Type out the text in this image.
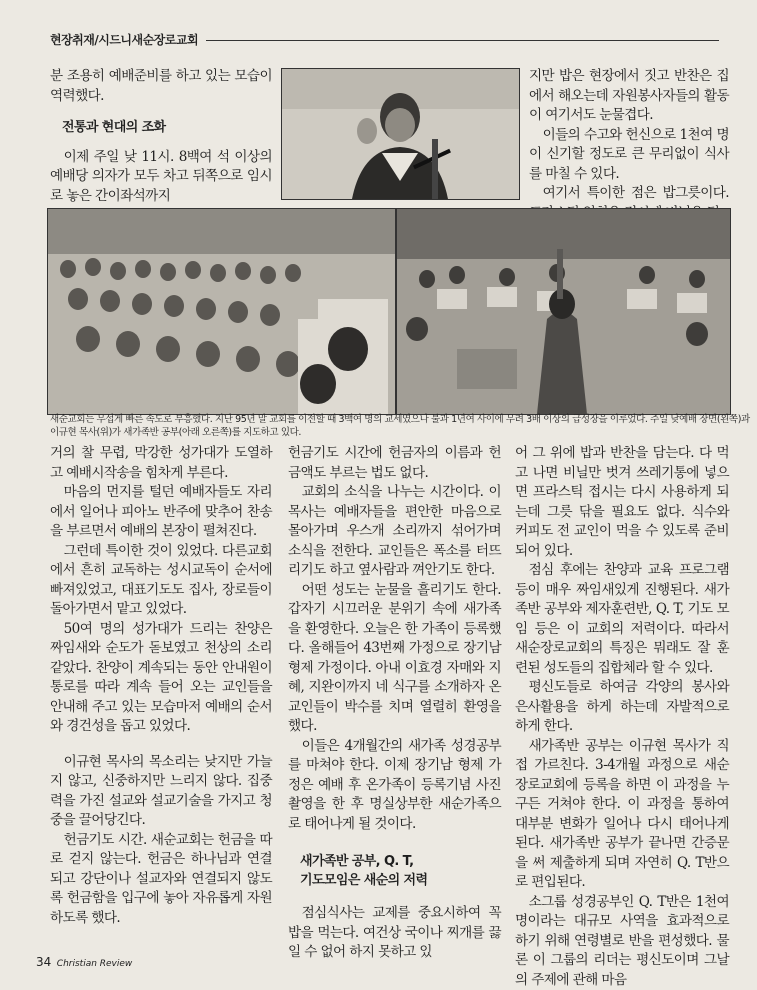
현장취재/시드니새순장로교회

분 조용히 예배준비를 하고 있는 모습이 역력했다.

전통과 현대의 조화

이제 주일 낮 11시. 8백여 석 이상의 예배당 의자가 모두 차고 뒤쪽으로 임시로 놓은 간이좌석까지

지만 밥은 현장에서 짓고 반찬은 집에서 해오는데 자원봉사자들의 활동이 여기서도 눈물겹다.

이들의 수고와 헌신으로 1천여 명이 신기할 정도로 큰 무리없이 식사를 마칠 수 있다.

여기서 특이한 점은 밥그릇이다.

새순교회는 무섭게 빠른 속도로 부흥했다. 지난 95년 말 교회를 이전할 때 3백여 명의 교세였으나 불과 1년여 사이에 무려 3배 이상의 급성장을 이루었다. 주일 낮예배 장면(왼쪽)과 이규현 목사(위)가 새가족반 공부(아래 오른쪽)를 지도하고 있다.

거의 찰 무렵, 막강한 성가대가 도열하고 예배시작송을 힘차게 부른다.

마음의 먼지를 털던 예배자들도 자리에서 일어나 피아노 반주에 맞추어 찬송을 부르면서 예배의 본장이 펼쳐진다.

그런데 특이한 것이 있었다. 다른교회에서 흔히 교독하는 성시교독이 순서에 빠져있었고, 대표기도도 집사, 장로들이 돌아가면서 맡고 있었다.

50여 명의 성가대가 드리는 찬양은 짜임새와 순도가 돋보였고 천상의 소리같았다. 찬양이 계속되는 동안 안내원이 통로를 따라 계속 들어 오는 교인들을 안내해 주고 있는 모습마저 예배의 순서와 경건성을 돕고 있었다.

이규현 목사의 목소리는 낮지만 가늘지 않고, 신중하지만 느리지 않다. 집중력을 가진 설교와 설교기술을 가지고 청중을 끌어당긴다.

헌금기도 시간. 새순교회는 헌금을 따로 걷지 않는다. 헌금은 하나님과 연결되고 강단이나 설교자와 연결되지 않도록 헌금함을 입구에 놓아 자유롭게 자원하도록 했다.

헌금기도 시간에 헌금자의 이름과 헌금액도 부르는 법도 없다.

교회의 소식을 나누는 시간이다. 이 목사는 예배자들을 편안한 마음으로 몰아가며 우스개 소리까지 섞어가며 소식을 전한다. 교인들은 폭소를 터뜨리기도 하고 옆사람과 껴안기도 한다.

어떤 성도는 눈물을 흘리기도 한다. 갑자기 시끄러운 분위기 속에 새가족을 환영한다. 오늘은 한 가족이 등록했다. 올해들어 43번째 가정으로 장기남 형제 가정이다. 아내 이효경 자매와 지혜, 지완이까지 네 식구를 소개하자 온 교인들이 박수를 치며 열렬히 환영을 했다.

이들은 4개월간의 새가족 성경공부를 마쳐야 한다. 이제 장기남 형제 가정은 예배 후 온가족이 등록기념 사진촬영을 한 후 명실상부한 새순가족으로 태어나게 될 것이다.

새가족반 공부, Q. T,
기도모임은 새순의 저력

점심식사는 교제를 중요시하여 꼭 밥을 먹는다. 여건상 국이나 찌개를 끓일 수 없어 하지 못하고 있

어 그 위에 밥과 반찬을 담는다. 다 먹고 나면 비닐만 벗겨 쓰레기통에 넣으면 프라스틱 접시는 다시 사용하게 되는데 그릇 닦을 필요도 없다. 식수와 커피도 전 교인이 먹을 수 있도록 준비되어 있다.

점심 후에는 찬양과 교육 프로그램 등이 매우 짜임새있게 진행된다. 새가족반 공부와 제자훈련반, Q. T, 기도 모임 등은 이 교회의 저력이다. 따라서 새순장로교회의 특징은 뭐래도 잘 훈련된 성도들의 집합체라 할 수 있다.

평신도들로 하여금 각양의 봉사와 은사활용을 하게 하는데 자발적으로 하게 한다.

새가족반 공부는 이규현 목사가 직접 가르친다. 3-4개월 과정으로 새순장로교회에 등록을 하면 이 과정을 누구든 거쳐야 한다. 이 과정을 통하여 대부분 변화가 일어나 다시 태어나게 된다. 새가족반 공부가 끝나면 간증문을 써 제출하게 되며 자연히 Q. T반으로 편입된다.

소그룹 성경공부인 Q. T반은 1천여 명이라는 대규모 사역을 효과적으로 하기 위해 연령별로 반을 편성했다. 물론 이 그룹의 리더는 평신도이며 그날의 주제에 관해 마음

34 Christian Review
